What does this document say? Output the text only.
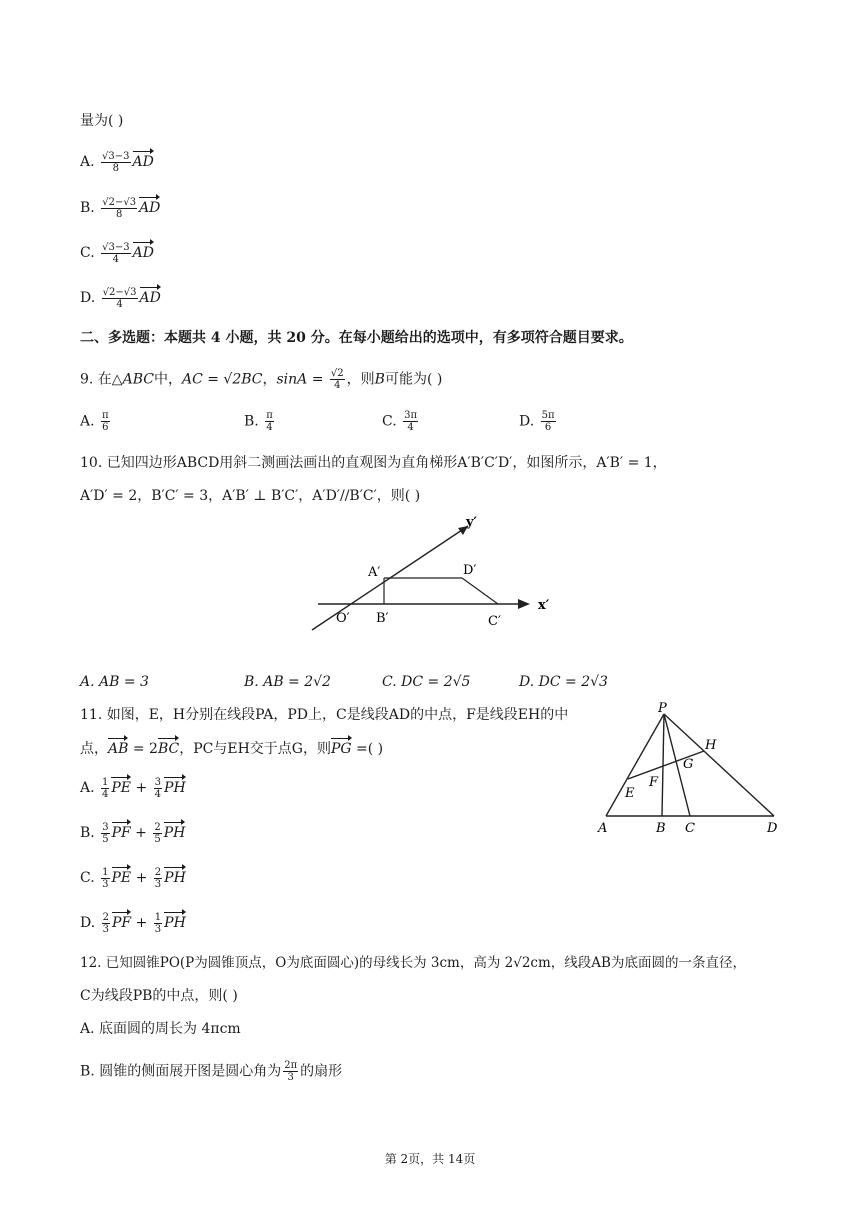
量为( )
A. $\frac{√3-3}{8}$ AD
B. $\frac{√2-√3}{8}$ AD
C. $\frac{√3-3}{4}$ AD
D. $\frac{√2-√3}{4}$ AD
二、多选题：本题共 4 小题，共 20 分。在每小题给出的选项中，有多项符合题目要求。
9. 在△ABC中，AC = √2BC，$\sin A = \frac{√2}{4}$ ，则B可能为( )
A. $\frac{\pi}{6}$	B. $\frac{\pi}{4}$	C. $\frac{3\pi}{4}$	D. $\frac{5\pi}{6}$
10. 已知四边形ABCD用斜二测画法画出的直观图为直角梯形A′B′C′D′，如图所示，A′B′ = 1，
A′D′ = 2，B′C′ = 3，A′B′ ⊥ B′C′，A′D′//B′C′，则( )
y′
x′
O′
A′
B′	C′
D′
A. AB = 3	B. AB = 2√2	C. DC = 2√5	D. DC = 2√3
11. 如图，E，H分别在线段PA，PD上，C是线段AD的中点，F是线段EH的中
点，AB = 2BC，PC与EH交于点G，则PG =( )
P
H
G
F
E
A	B C	D
A. $\frac{1}{4}$ PE + $\frac{3}{4}$ PH
B. $\frac{3}{5}$ PF + $\frac{2}{5}$ PH
C. $\frac{1}{3}$ PE + $\frac{2}{3}$ PH
D. $\frac{2}{3}$ PF + $\frac{1}{3}$ PH
12. 已知圆锥PO(P为圆锥顶点，O为底面圆心)的母线长为 3cm，高为 2√2cm，线段AB为底面圆的一条直径，
C为线段PB的中点，则( )
A. 底面圆的周长为 4πcm
B. 圆锥的侧面展开图是圆心角为 $\frac{2\pi}{3}$ 的扇形
第 2页，共 14页
